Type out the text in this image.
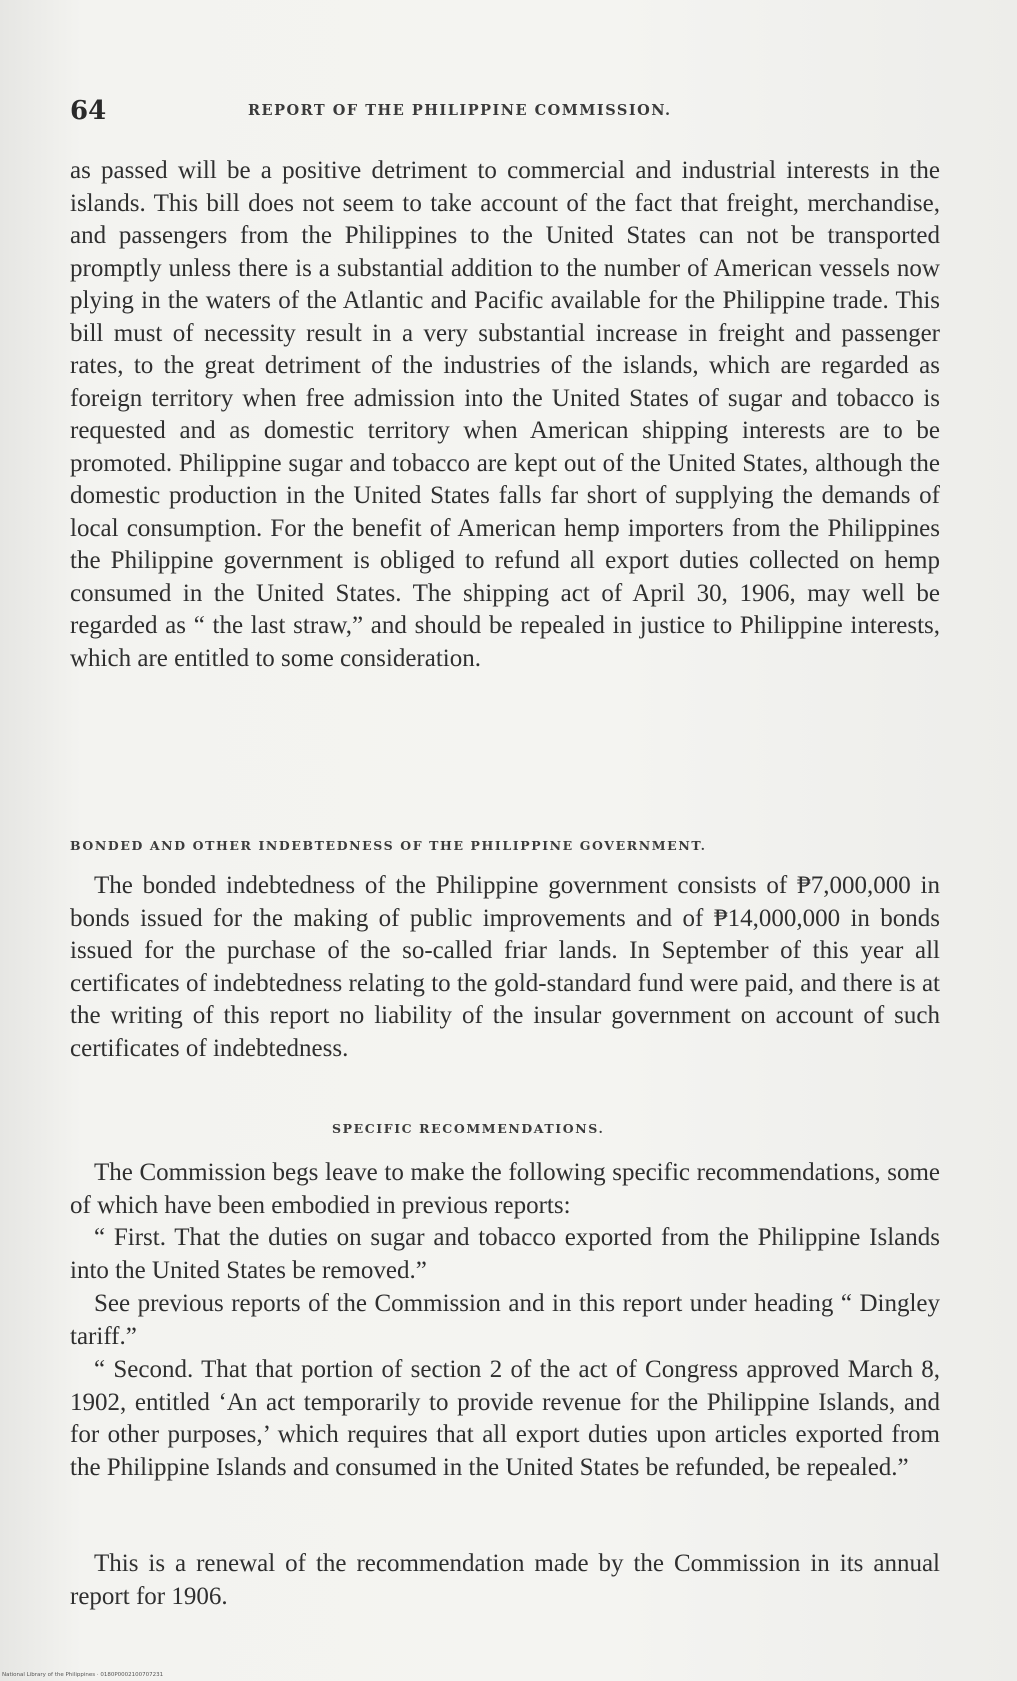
64	REPORT OF THE PHILIPPINE COMMISSION.

as passed will be a positive detriment to commercial and industrial interests in the islands. This bill does not seem to take account of the fact that freight, merchandise, and passengers from the Philippines to the United States can not be transported promptly unless there is a substantial addition to the number of American vessels now plying in the waters of the Atlantic and Pacific available for the Philippine trade. This bill must of necessity result in a very substantial increase in freight and passenger rates, to the great detriment of the industries of the islands, which are regarded as foreign territory when free admission into the United States of sugar and tobacco is requested and as domestic territory when American shipping interests are to be promoted. Philippine sugar and tobacco are kept out of the United States, although the domestic production in the United States falls far short of supplying the demands of local consumption. For the benefit of American hemp importers from the Philippines the Philippine government is obliged to refund all export duties collected on hemp consumed in the United States. The shipping act of April 30, 1906, may well be regarded as “ the last straw,” and should be repealed in justice to Philippine interests, which are entitled to some consideration.

BONDED AND OTHER INDEBTEDNESS OF THE PHILIPPINE GOVERNMENT.

The bonded indebtedness of the Philippine government consists of ₱7,000,000 in bonds issued for the making of public improvements and of ₱14,000,000 in bonds issued for the purchase of the so-called friar lands. In September of this year all certificates of indebtedness relating to the gold-standard fund were paid, and there is at the writing of this report no liability of the insular government on account of such certificates of indebtedness.

SPECIFIC RECOMMENDATIONS.

The Commission begs leave to make the following specific recommendations, some of which have been embodied in previous reports:

“ First. That the duties on sugar and tobacco exported from the Philippine Islands into the United States be removed.”

See previous reports of the Commission and in this report under heading “ Dingley tariff.”

“ Second. That that portion of section 2 of the act of Congress approved March 8, 1902, entitled ‘An act temporarily to provide revenue for the Philippine Islands, and for other purposes,’ which requires that all export duties upon articles exported from the Philippine Islands and consumed in the United States be refunded, be repealed.”

This is a renewal of the recommendation made by the Commission in its annual report for 1906.

National Library of the Philippines · 0180P0002100707231
